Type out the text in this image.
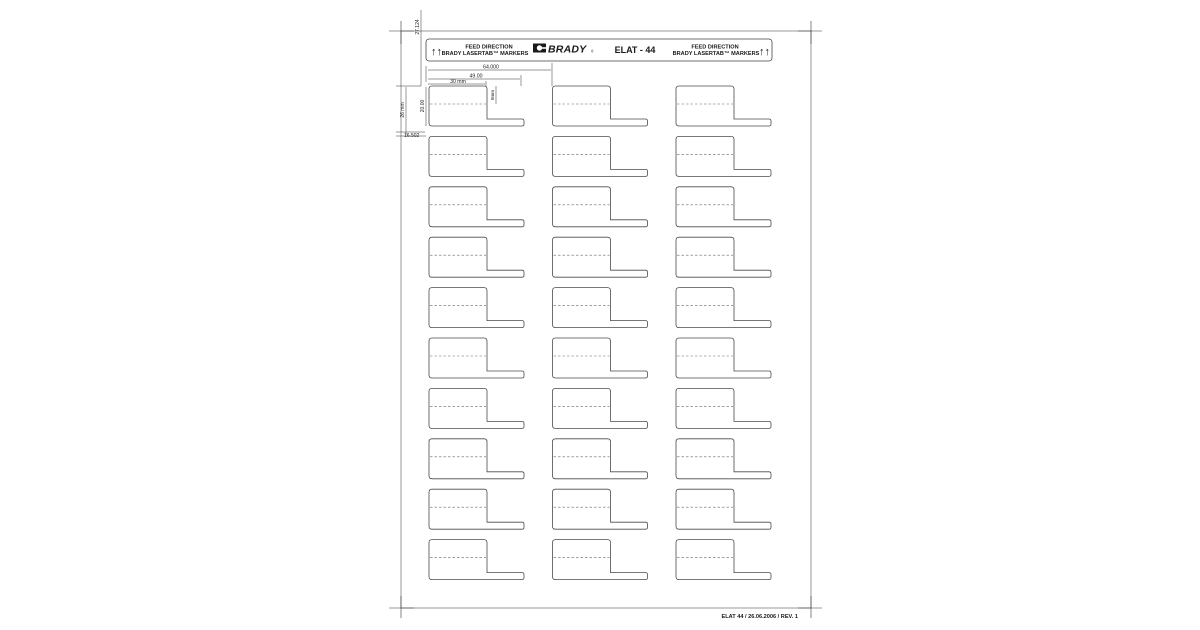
↑↑	FEED DIRECTION
BRADY LASERTAB™ MARKERS BRADY ® ELAT - 44	FEED DIRECTION
BRADY LASERTAB™ MARKERS ↑↑
27.124
64.000
49.00
30 mm
8mm
20.00
26 mm
16.502
ELAT 44 / 26.06.2006 / REV. 1
